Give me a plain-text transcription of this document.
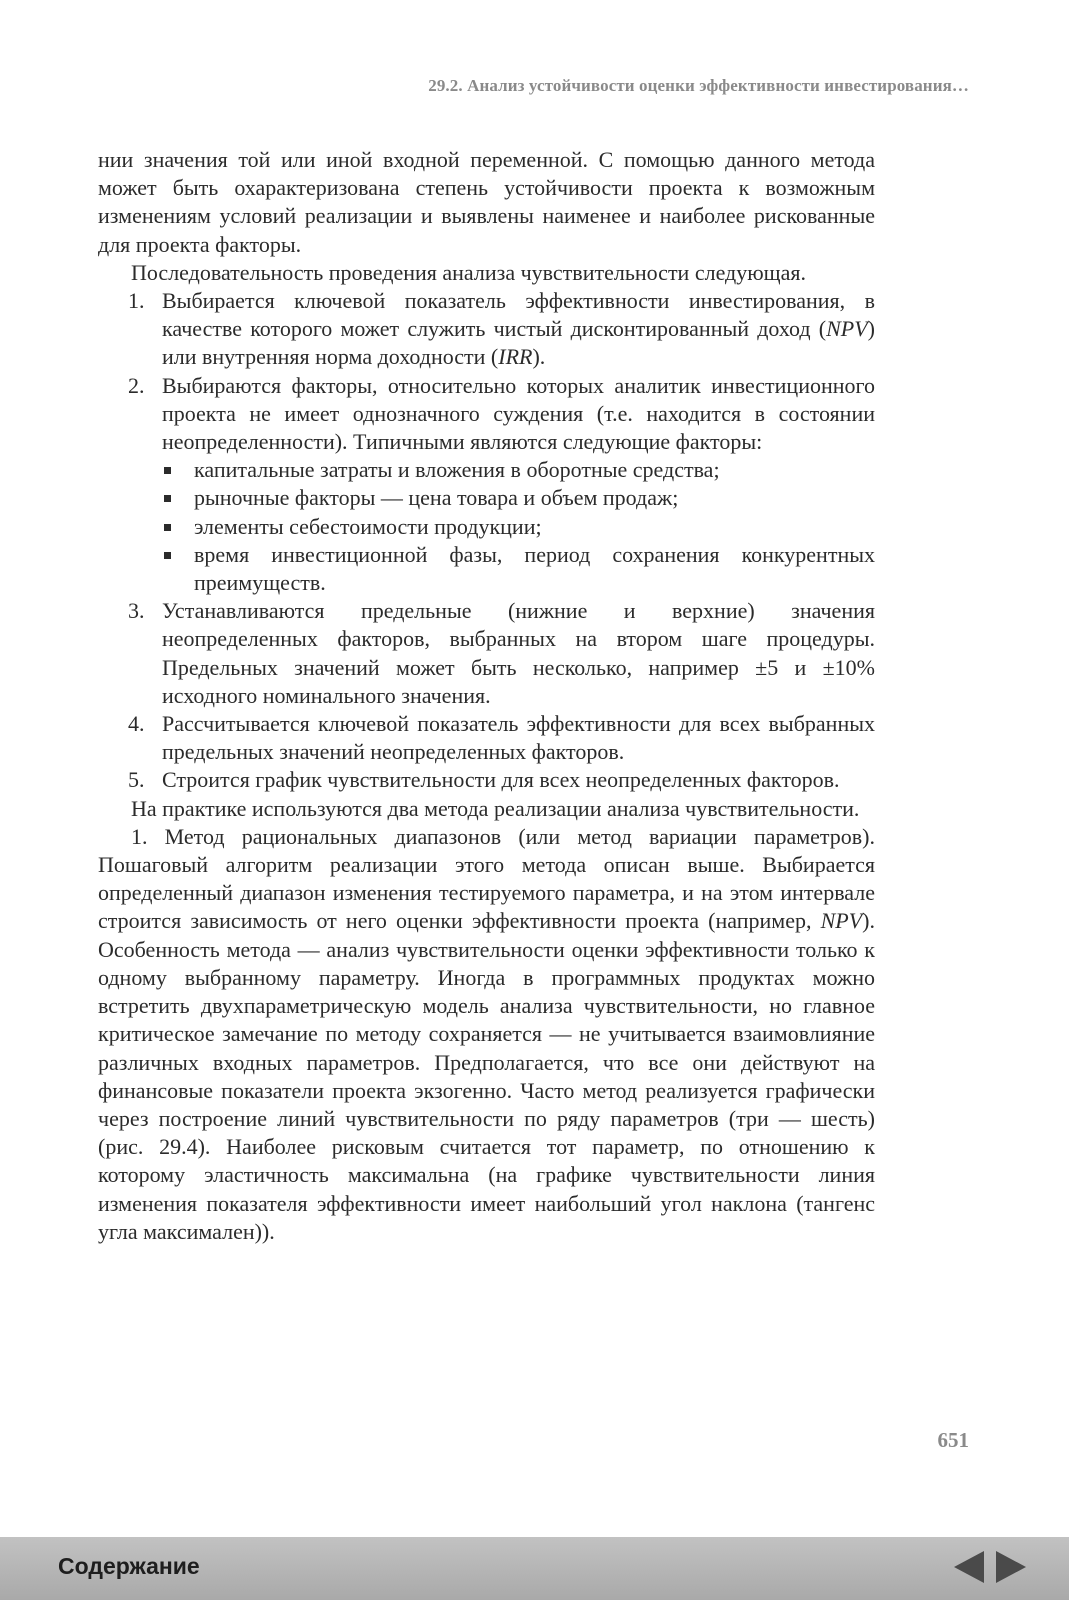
29.2. Анализ устойчивости оценки эффективности инвестирования…

нии значения той или иной входной переменной. С помощью данного метода может быть охарактеризована степень устойчивости проекта к возможным изменениям условий реализации и выявлены наименее и наиболее рискованные для проекта факторы.

Последовательность проведения анализа чувствительности следующая.

1. Выбирается ключевой показатель эффективности инвестирования, в качестве которого может служить чистый дисконтированный доход (NPV) или внутренняя норма доходности (IRR).
2. Выбираются факторы, относительно которых аналитик инвестиционного проекта не имеет однозначного суждения (т.е. находится в состоянии неопределенности). Типичными являются следующие факторы:
капитальные затраты и вложения в оборотные средства;
рыночные факторы — цена товара и объем продаж;
элементы себестоимости продукции;
время инвестиционной фазы, период сохранения конкурентных преимуществ.
3. Устанавливаются предельные (нижние и верхние) значения неопределенных факторов, выбранных на втором шаге процедуры. Предельных значений может быть несколько, например ±5 и ±10% исходного номинального значения.
4. Рассчитывается ключевой показатель эффективности для всех выбранных предельных значений неопределенных факторов.
5. Строится график чувствительности для всех неопределенных факторов.

На практике используются два метода реализации анализа чувствительности.

1. Метод рациональных диапазонов (или метод вариации параметров). Пошаговый алгоритм реализации этого метода описан выше. Выбирается определенный диапазон изменения тестируемого параметра, и на этом интервале строится зависимость от него оценки эффективности проекта (например, NPV). Особенность метода — анализ чувствительности оценки эффективности только к одному выбранному параметру. Иногда в программных продуктах можно встретить двухпараметрическую модель анализа чувствительности, но главное критическое замечание по методу сохраняется — не учитывается взаимовлияние различных входных параметров. Предполагается, что все они действуют на финансовые показатели проекта экзогенно. Часто метод реализуется графически через построение линий чувствительности по ряду параметров (три — шесть) (рис. 29.4). Наиболее рисковым считается тот параметр, по отношению к которому эластичность максимальна (на графике чувствительности линия изменения показателя эффективности имеет наибольший угол наклона (тангенс угла максимален)).

651
Содержание
